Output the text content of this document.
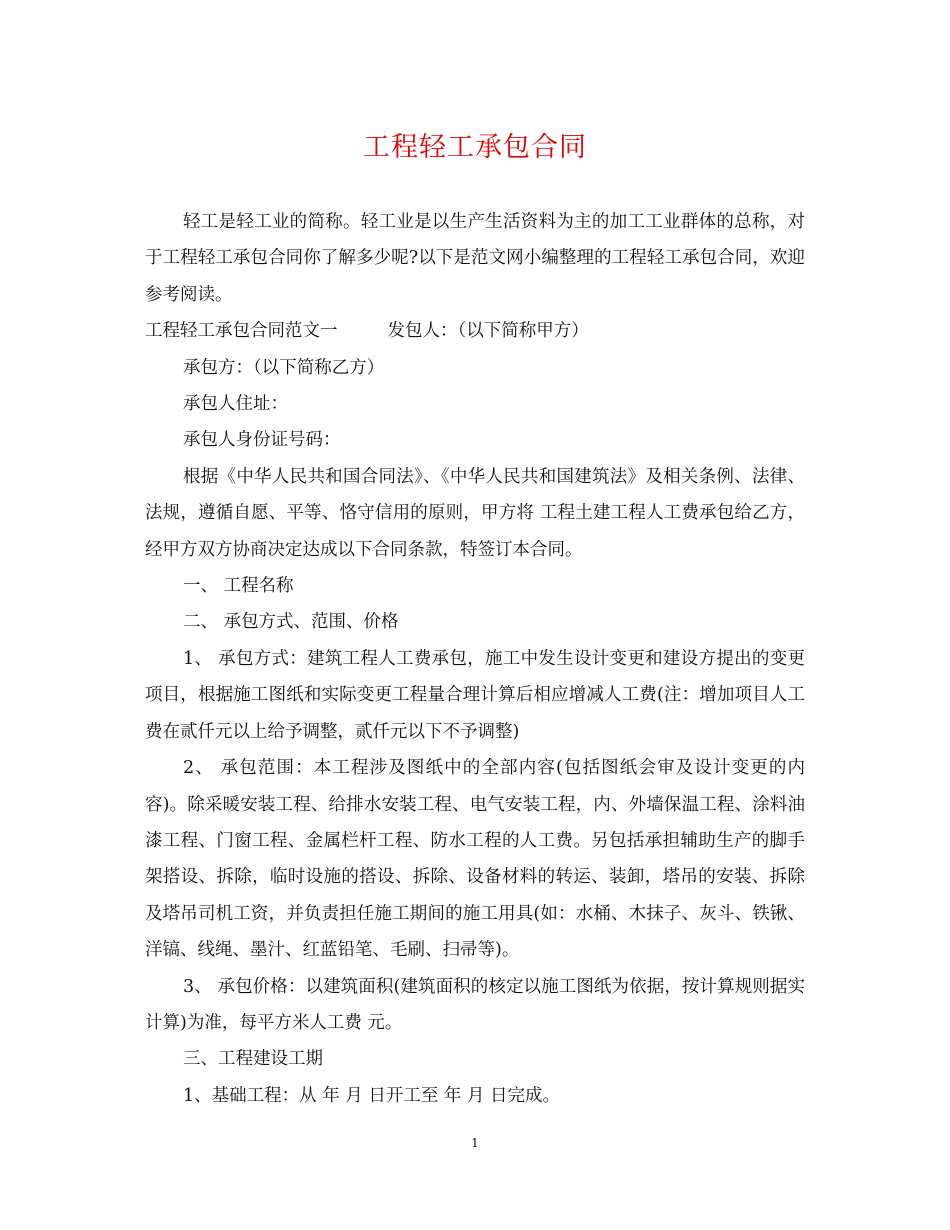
工程轻工承包合同

轻工是轻工业的简称。轻工业是以生产生活资料为主的加工工业群体的总称，对于工程轻工承包合同你了解多少呢?以下是范文网小编整理的工程轻工承包合同，欢迎参考阅读。

工程轻工承包合同范文一	发包人：（以下简称甲方）

承包方：（以下简称乙方）

承包人住址：

承包人身份证号码：

根据《中华人民共和国合同法》、《中华人民共和国建筑法》及相关条例、法律、法规，遵循自愿、平等、恪守信用的原则，甲方将 工程土建工程人工费承包给乙方，经甲方双方协商决定达成以下合同条款，特签订本合同。

一、 工程名称

二、 承包方式、范围、价格

1、 承包方式：建筑工程人工费承包，施工中发生设计变更和建设方提出的变更项目，根据施工图纸和实际变更工程量合理计算后相应增减人工费(注：增加项目人工费在贰仟元以上给予调整，贰仟元以下不予调整)

2、 承包范围：本工程涉及图纸中的全部内容(包括图纸会审及设计变更的内容)。除采暖安装工程、给排水安装工程、电气安装工程，内、外墙保温工程、涂料油漆工程、门窗工程、金属栏杆工程、防水工程的人工费。另包括承担辅助生产的脚手架搭设、拆除，临时设施的搭设、拆除、设备材料的转运、装卸，塔吊的安装、拆除及塔吊司机工资，并负责担任施工期间的施工用具(如：水桶、木抹子、灰斗、铁锹、洋镐、线绳、墨汁、红蓝铅笔、毛刷、扫帚等)。

3、 承包价格：以建筑面积(建筑面积的核定以施工图纸为依据，按计算规则据实计算)为准，每平方米人工费 元。

三、工程建设工期

1、基础工程：从 年 月 日开工至 年 月 日完成。

1
